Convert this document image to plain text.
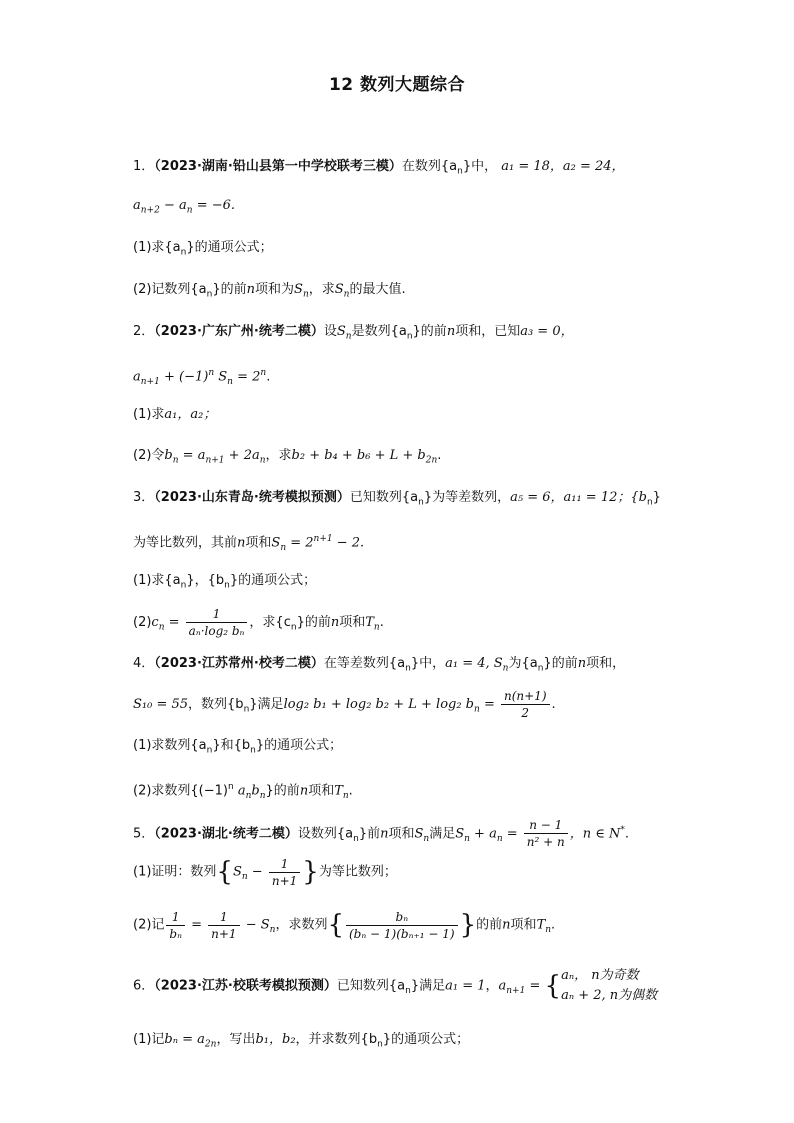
12 数列大题综合
1．（2023·湖南·铅山县第一中学校联考三模）在数列$\{a_n\}$中， a₁ = 18，a₂ = 24，
$a_{n+2} - a_n = -6$.
(1)求$\{a_n\}$的通项公式；
(2)记数列$\{a_n\}$的前n项和为$S_n$，求$S_n$的最大值.
2．（2023·广东广州·统考二模）设$S_n$是数列$\{a_n\}$的前n项和，已知a₃ = 0，
$a_{n+1} + (-1)^n$ $S_n = 2^n$.
(1)求a₁，a₂；
(2)令$b_n = a_{n+1} + 2a_n$，求$b_2 + b_4 + b_6 + L + b_{2n}$.
3．（2023·山东青岛·统考模拟预测）已知数列$\{a_n\}$为等差数列，a₅ = 6，a₁₁ = 12；$\{b_n\}$
为等比数列，其前n项和$S_n = 2^{n+1} - 2$.
(1)求$\{a_n\}$，$\{b_n\}$的通项公式；
$(2)c_n = \frac{1}{\text{aₙ·log₂ bₙ}}$ ，求$\{c_n\}$的前n项和$T_n$.
4．（2023·江苏常州·校考二模）在等差数列$\{a_n\}$中，a₁ = 4, $S_n$为$\{a_n\}$的前n项和，
S₁₀ = 55，数列$\{b_n\}$满足log₂ b₁ + log₂ b₂ + L + log₂ $b_n = \frac{n(n+1)}{2}$ .
(1)求数列$\{a_n\}$和$\{b_n\}$的通项公式；
(2)求数列{$(-1)^n$ $a_nb_n$}的前n项和$T_n$.
5．（2023·湖北·统考二模）设数列$\{a_n\}$前n项和$S_n$满足$S_n + a_n = \frac{n - 1}{\text{n² + n}}$ ，n ∈ N*.
(1)证明：数列{$S_n - \frac{1}{n+1}$ }为等比数列；
(2)记 $\frac{1}{\text{bₙ}} = \frac{1}{n+1} - S_n$，求数列{ $\frac{\text{bₙ}}{\text{(bₙ − 1)(bₙ₊₁ − 1)}}$ }的前n项和$T_n$.
6．（2023·江苏·校联考模拟预测）已知数列$\{a_n\}$满足a₁ = 1，$a_{n+1}$ = { aₙ， n为奇数
aₙ + 2, n为偶数
(1)记$b_n = a_{2n}$，写出b₁，b₂，并求数列$\{b_n\}$的通项公式；
